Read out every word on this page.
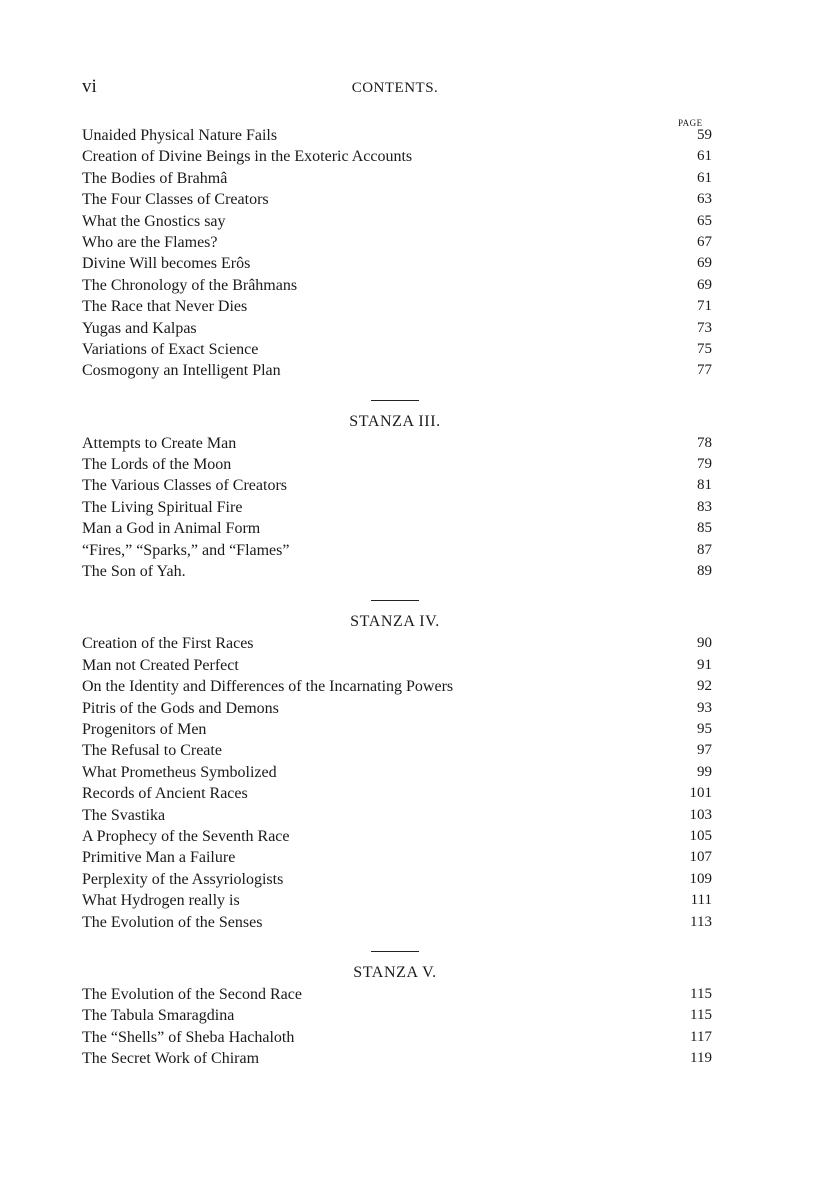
vi	CONTENTS.
PAGE
Unaided Physical Nature Fails	59
Creation of Divine Beings in the Exoteric Accounts	61
The Bodies of Brahmâ	61
The Four Classes of Creators	63
What the Gnostics say	65
Who are the Flames?	67
Divine Will becomes Erôs	69
The Chronology of the Brâhmans	69
The Race that Never Dies	71
Yugas and Kalpas	73
Variations of Exact Science	75
Cosmogony an Intelligent Plan	77
STANZA III.
Attempts to Create Man	78
The Lords of the Moon	79
The Various Classes of Creators	81
The Living Spiritual Fire	83
Man a God in Animal Form	85
“Fires,” “Sparks,” and “Flames”	87
The Son of Yah.	89
STANZA IV.
Creation of the First Races	90
Man not Created Perfect	91
On the Identity and Differences of the Incarnating Powers	92
Pitris of the Gods and Demons	93
Progenitors of Men	95
The Refusal to Create	97
What Prometheus Symbolized	99
Records of Ancient Races	101
The Svastika	103
A Prophecy of the Seventh Race	105
Primitive Man a Failure	107
Perplexity of the Assyriologists	109
What Hydrogen really is	111
The Evolution of the Senses	113
STANZA V.
The Evolution of the Second Race	115
The Tabula Smaragdina	115
The “Shells” of Sheba Hachaloth	117
The Secret Work of Chiram	119
